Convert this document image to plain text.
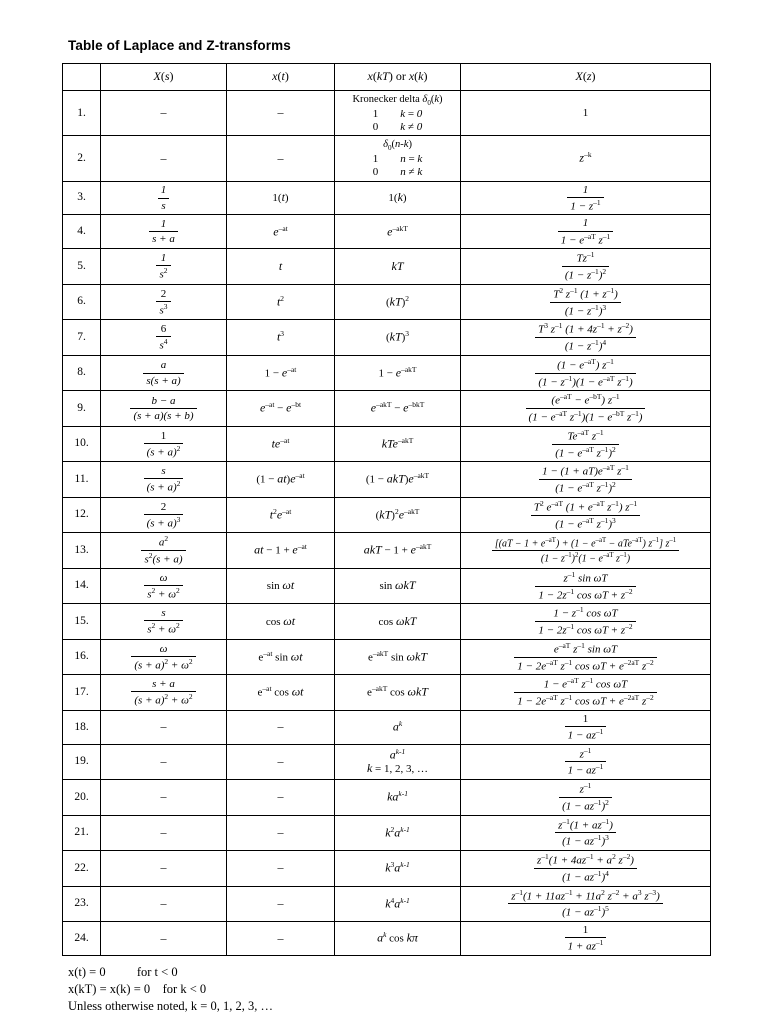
Table of Laplace and Z-transforms
	X(s)	x(t)	x(kT) or x(k)	X(z)
1.	–	–	Kronecker delta $\delta_0(k)$
1        k = 0
0        k ≠ 0	1
2.	–	–	$\delta_0(n-k)$
1        n = k
0        n ≠ k	$z^{-k}$
3.	$\frac{1}{s}$	1(t)	1(k)	$\frac{1}{1 - z^{-1}}$

4.	$\frac{1}{s + a}$	$e^{-at}$	$e^{-akT}$	$\frac{1}{1 - e^{-aT} z^{-1}}$

5.	$\frac{1}{s^2}$	t	kT	$\frac{Tz^{-1}}{(1 - z^{-1})^2}$

6.	$\frac{2}{s^3}$	$t^2$	(kT)$^2$	$\frac{T^2 z^{-1} (1 + z^{-1})}{(1 - z^{-1})^3}$

7.	$\frac{6}{s^4}$	$t^3$	(kT)$^3$	$\frac{T^3 z^{-1} (1 + 4z^{-1} + z^{-2})}{(1 - z^{-1})^4}$

8.	$\frac{a}{s(s + a)}$	$1 - e^{-at}$	$1 - e^{-akT}$	$\frac{(1 - e^{-aT}) z^{-1}}{(1 - z^{-1})(1 - e^{-aT} z^{-1})}$

9.	$\frac{b - a}{(s + a)(s + b)}$	$e^{-at} - e^{-bt}$	$e^{-akT} - e^{-bkT}$	$\frac{(e^{-aT} - e^{-bT}) z^{-1}}{(1 - e^{-aT} z^{-1})(1 - e^{-bT} z^{-1})}$

10.	$\frac{1}{(s + a)^2}$	$te^{-at}$	kTe$^{-akT}$	$\frac{Te^{-aT} z^{-1}}{(1 - e^{-aT} z^{-1})^2}$

11.	$\frac{s}{(s + a)^2}$	$(1 - at)e^{-at}$	$(1 - akT)e^{-akT}$	$\frac{1 - (1 + aT)e^{-aT} z^{-1}}{(1 - e^{-aT} z^{-1})^2}$

12.	$\frac{2}{(s + a)^3}$	$t^2e^{-at}$	$(kT)^2e^{-akT}$	$\frac{T^2 e^{-aT} (1 + e^{-aT} z^{-1}) z^{-1}}{(1 - e^{-aT} z^{-1})^3}$

13.	$\frac{a^2}{s^2(s + a)}$	at − $1 + e^{-at}$	akT − $1 + e^{-akT}$	$\frac{[(aT - 1 + e^{-aT}) + (1 - e^{-aT} - aTe^{-aT}) z^{-1}] z^{-1}}{(1 - z^{-1})^2(1 - e^{-aT} z^{-1})}$

14.	$\frac{\omega}{s^2 + \omega^2}$	sin ωt	sin ωkT	$\frac{z^{-1} \sin \omega T}{1 - 2z^{-1} \cos \omega T + z^{-2}}$

15.	$\frac{s}{s^2 + \omega^2}$	cos ωt	cos ωkT	$\frac{1 - z^{-1} \cos \omega T}{1 - 2z^{-1} \cos \omega T + z^{-2}}$

16.	$\frac{\omega}{(s + a)^2 + \omega^2}$	$e^{-at}$ sin ωt	$e^{-akT}$ sin ωkT	$\frac{e^{-aT} z^{-1} \sin \omega T}{1 - 2e^{-aT} z^{-1} \cos \omega T + e^{-2aT} z^{-2}}$

17.	$\frac{s + a}{(s + a)^2 + \omega^2}$	$e^{-at}$ cos ωt	$e^{-akT}$ cos ωkT	$\frac{1 - e^{-aT} z^{-1} \cos \omega T}{1 - 2e^{-aT} z^{-1} \cos \omega T + e^{-2aT} z^{-2}}$

18.	–	–	$a^k$	$\frac{1}{1 - az^{-1}}$

19.	–	–	$a^{k-1}$
k = 1, 2, 3, …	$\frac{z^{-1}}{1 - az^{-1}}$

20.	–	–	$ka^{k-1}$	$\frac{z^{-1}}{(1 - az^{-1})^2}$

21.	–	–	$k^2a^{k-1}$	$\frac{z^{-1}(1 + az^{-1})}{(1 - az^{-1})^3}$

22.	–	–	$k^3a^{k-1}$	$\frac{z^{-1}(1 + 4az^{-1} + a^2 z^{-2})}{(1 - az^{-1})^4}$

23.	–	–	$k^4a^{k-1}$	$\frac{z^{-1}(1 + 11az^{-1} + 11a^2 z^{-2} + a^3 z^{-3})}{(1 - az^{-1})^5}$

24.	–	–	$a^k$ cos kπ	$\frac{1}{1 + az^{-1}}$
x(t) = 0          for t < 0
x(kT) = x(k) = 0    for k < 0
Unless otherwise noted, k = 0, 1, 2, 3, …
